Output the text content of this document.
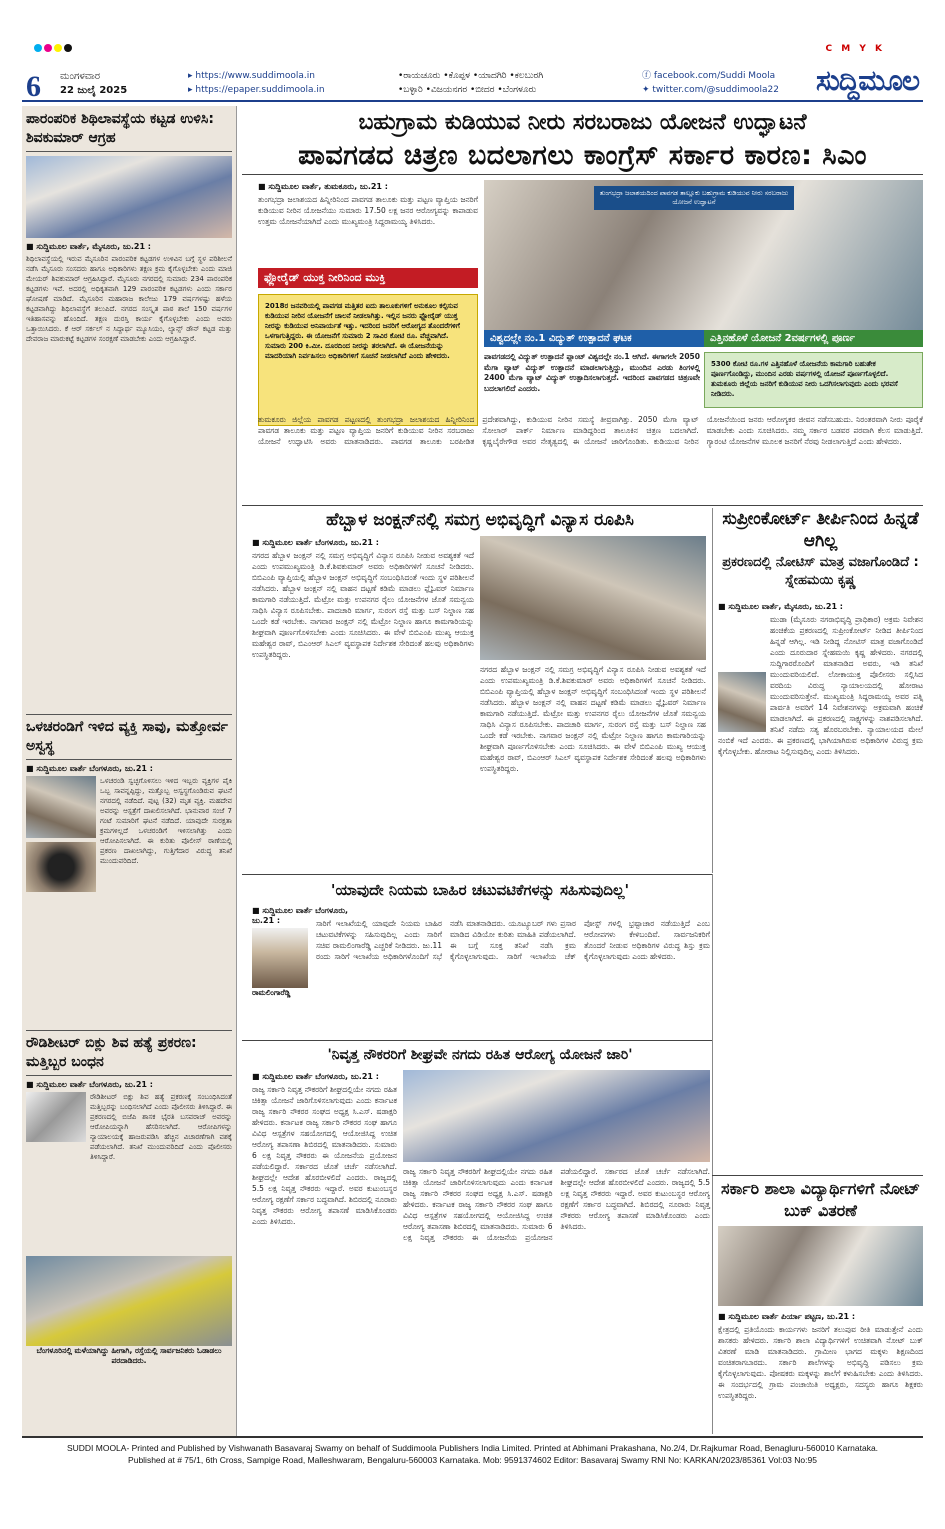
C M Y K
6 ಮಂಗಳವಾರ
22 ಜುಲೈ 2025
▸ https://www.suddimoola.in
▸ https://epaper.suddimoola.in
•ರಾಯಚೂರು •ಕೊಪ್ಪಳ •ಯಾದಗಿರಿ •ಕಲಬುರಗಿ
•ಬಳ್ಳಾರಿ •ವಿಜಯನಗರ •ಬೀದರ •ಬೆಂಗಳೂರು
ⓕ facebook.com/Suddi Moola
✦ twitter.com/@suddimoola22 ಸುದ್ದಿಮೂಲ
ಪಾರಂಪರಿಕ ಶಿಥಿಲಾವಸ್ಥೆಯ ಕಟ್ಟಡ ಉಳಿಸಿ: ಶಿವಕುಮಾರ್ ಆಗ್ರಹ
■ ಸುದ್ದಿಮೂಲ ವಾರ್ತೆ, ಮೈಸೂರು, ಜು.21 :
ಶಿಥಿಲಾವಸ್ಥೆಯಲ್ಲಿ ಇರುವ ಮೈಸೂರಿನ ಪಾರಂಪರಿಕ ಕಟ್ಟಡಗಳ ಉಳಿವಿನ ಬಗ್ಗೆ ಸ್ಥಳ ಪರಿಶೀಲನೆ ನಡೆಸಿ ಮೈಸೂರು ಸಂಸದರು ಹಾಗೂ ಅಧಿಕಾರಿಗಳು ತಕ್ಷಣ ಕ್ರಮ ಕೈಗೊಳ್ಳಬೇಕು ಎಂದು ಮಾಜಿ ಮೇಯರ್ ಶಿವಕುಮಾರ್ ಆಗ್ರಹಿಸಿದ್ದಾರೆ. ಮೈಸೂರು ನಗರದಲ್ಲಿ ಸುಮಾರು 234 ಪಾರಂಪರಿಕ ಕಟ್ಟಡಗಳು ಇವೆ. ಅದರಲ್ಲಿ ಅಧಿಕೃತವಾಗಿ 129 ಪಾರಂಪರಿಕ ಕಟ್ಟಡಗಳು ಎಂದು ಸರ್ಕಾರ ಘೋಷಣೆ ಮಾಡಿದೆ. ಮೈಸೂರಿನ ಮಹಾರಾಜ ಕಾಲೇಜು 179 ವರ್ಷಗಳಷ್ಟು ಹಳೆಯ ಕಟ್ಟಡವಾಗಿದ್ದು ಶಿಥಿಲಾವಸ್ಥೆಗೆ ತಲುಪಿದೆ. ನಗರದ ಸಂಸ್ಕೃತ ಪಾಠ ಶಾಲೆ 150 ವರ್ಷಗಳ ಇತಿಹಾಸವನ್ನು ಹೊಂದಿದೆ. ತಕ್ಷಣ ದುರಸ್ತಿ ಕಾರ್ಯ ಕೈಗೊಳ್ಳಬೇಕು ಎಂದು ಅವರು ಒತ್ತಾಯಿಸಿದರು. ಕೆ ಆರ್ ಸರ್ಕಲ್ ನ ಸಿದ್ದಾರ್ಥ ಮ್ಯೂಸಿಯಂ, ಲ್ಯಾನ್ಸ್ ಡೌನ್ ಕಟ್ಟಡ ಮತ್ತು ದೇವರಾಜ ಮಾರುಕಟ್ಟೆ ಕಟ್ಟಡಗಳ ಸಂರಕ್ಷಣೆ ಮಾಡಬೇಕು ಎಂದು ಆಗ್ರಹಿಸಿದ್ದಾರೆ.
ಒಳಚರಂಡಿಗೆ ಇಳಿದ ವ್ಯಕ್ತಿ ಸಾವು, ಮತ್ತೋರ್ವ ಅಸ್ವಸ್ಥ
■ ಸುದ್ದಿಮೂಲ ವಾರ್ತೆ ಬೆಂಗಳೂರು, ಜು.21 :
ಒಳಚರಂಡಿ ಸ್ವಚ್ಛಗೊಳಿಸಲು ಇಳಿದ ಇಬ್ಬರು ವ್ಯಕ್ತಿಗಳ ಪೈಕಿ ಒಬ್ಬ ಸಾವನ್ನಪ್ಪಿದ್ದು, ಮತ್ತೊಬ್ಬ ಅಸ್ವಸ್ಥಗೊಂಡಿರುವ ಘಟನೆ ನಗರದಲ್ಲಿ ನಡೆದಿದೆ. ಪುಟ್ಟ (32) ಮೃತ ವ್ಯಕ್ತಿ. ಮಹದೇವ ಅವರನ್ನು ಆಸ್ಪತ್ರೆಗೆ ದಾಖಲಿಸಲಾಗಿದೆ. ಭಾನುವಾರ ಸಂಜೆ 7 ಗಂಟೆ ಸುಮಾರಿಗೆ ಘಟನೆ ನಡೆದಿದೆ. ಯಾವುದೇ ಸುರಕ್ಷತಾ ಕ್ರಮಗಳಿಲ್ಲದೆ ಒಳಚರಂಡಿಗೆ ಇಳಿಸಲಾಗಿತ್ತು ಎಂದು ಆರೋಪಿಸಲಾಗಿದೆ. ಈ ಕುರಿತು ಪೊಲೀಸ್ ಠಾಣೆಯಲ್ಲಿ ಪ್ರಕರಣ ದಾಖಲಾಗಿದ್ದು, ಗುತ್ತಿಗೆದಾರ ವಿರುದ್ಧ ತನಿಖೆ ಮುಂದುವರಿದಿದೆ.
ರೌಡಿಶೀಟರ್ ಬಿಕ್ಲು ಶಿವ ಹತ್ಯೆ ಪ್ರಕರಣ: ಮತ್ತಿಬ್ಬರ ಬಂಧನ
■ ಸುದ್ದಿಮೂಲ ವಾರ್ತೆ ಬೆಂಗಳೂರು, ಜು.21 :
ರೌಡಿಶೀಟರ್ ಬಿಕ್ಲು ಶಿವ ಹತ್ಯೆ ಪ್ರಕರಣಕ್ಕೆ ಸಂಬಂಧಿಸಿದಂತೆ ಮತ್ತಿಬ್ಬರನ್ನು ಬಂಧಿಸಲಾಗಿದೆ ಎಂದು ಪೊಲೀಸರು ತಿಳಿಸಿದ್ದಾರೆ. ಈ ಪ್ರಕರಣದಲ್ಲಿ ಬಿಜೆಪಿ ಶಾಸಕ ಭೈರತಿ ಬಸವರಾಜ್ ಅವರನ್ನು ಆರೋಪಿಯನ್ನಾಗಿ ಹೆಸರಿಸಲಾಗಿದೆ. ಆರೋಪಿಗಳನ್ನು ನ್ಯಾಯಾಲಯಕ್ಕೆ ಹಾಜರುಪಡಿಸಿ ಹೆಚ್ಚಿನ ವಿಚಾರಣೆಗಾಗಿ ವಶಕ್ಕೆ ಪಡೆಯಲಾಗಿದೆ. ತನಿಖೆ ಮುಂದುವರಿದಿದೆ ಎಂದು ಪೊಲೀಸರು ತಿಳಿಸಿದ್ದಾರೆ.
ಬೆಂಗಳೂರಿನಲ್ಲಿ ಮಳೆಯಾಗಿದ್ದು ಹೀಗಾಗಿ, ರಸ್ತೆಯಲ್ಲಿ ಸಾರ್ವಜನಿಕರು ಓಡಾಡಲು ಪರದಾಡಿದರು.
ಬಹುಗ್ರಾಮ ಕುಡಿಯುವ ನೀರು ಸರಬರಾಜು ಯೋಜನೆ ಉದ್ಘಾಟನೆ
ಪಾವಗಡದ ಚಿತ್ರಣ ಬದಲಾಗಲು ಕಾಂಗ್ರೆಸ್ ಸರ್ಕಾರ ಕಾರಣ: ಸಿಎಂ
■ ಸುದ್ದಿಮೂಲ ವಾರ್ತೆ, ತುಮಕೂರು, ಜು.21 :
ತುಂಗಭದ್ರಾ ಜಲಾಶಯದ ಹಿನ್ನೀರಿನಿಂದ ಪಾವಗಡ ತಾಲೂಕು ಮತ್ತು ಪಟ್ಟಣ ವ್ಯಾಪ್ತಿಯ ಜನರಿಗೆ ಕುಡಿಯುವ ನೀರಿನ ಯೋಜನೆಯು ಸುಮಾರು 17.50 ಲಕ್ಷ ಜನರ ಆರೋಗ್ಯವನ್ನು ಕಾಪಾಡುವ ಉತ್ತಮ ಯೋಜನೆಯಾಗಿದೆ ಎಂದು ಮುಖ್ಯಮಂತ್ರಿ ಸಿದ್ದರಾಮಯ್ಯ ತಿಳಿಸಿದರು.
ಫ್ಲೋರೈಡ್ ಯುಕ್ತ ನೀರಿನಿಂದ ಮುಕ್ತಿ
2018ರ ಜನವರಿಯಲ್ಲಿ ಪಾವಗಡ ಮತ್ತಿತರ ಐದು ತಾಲೂಕುಗಳಿಗೆ ಅನುಕೂಲ ಕಲ್ಪಿಸುವ ಕುಡಿಯುವ ನೀರಿನ ಯೋಜನೆಗೆ ಚಾಲನೆ ನೀಡಲಾಗಿತ್ತು. ಇಲ್ಲಿನ ಜನರು ಫ್ಲೋರೈಡ್ ಯುಕ್ತ ನೀರನ್ನು ಕುಡಿಯುವ ಅನಿವಾರ್ಯತೆ ಇತ್ತು. ಇದರಿಂದ ಜನರಿಗೆ ಆರೋಗ್ಯದ ತೊಂದರೆಗಳಿಗೆ ಒಳಗಾಗುತ್ತಿದ್ದರು. ಈ ಯೋಜನೆಗೆ ಸುಮಾರು 2 ಸಾವಿರ ಕೋಟಿ ರೂ. ವೆಚ್ಚವಾಗಿದೆ. ಸುಮಾರು 200 ಕಿ.ಮೀ. ದೂರದಿಂದ ನೀರನ್ನು ತರಲಾಗಿದೆ. ಈ ಯೋಜನೆಯನ್ನು ಮಾದರಿಯಾಗಿ ನಿರ್ವಹಿಸಲು ಅಧಿಕಾರಿಗಳಿಗೆ ಸೂಚನೆ ನೀಡಲಾಗಿದೆ ಎಂದು ಹೇಳಿದರು.
ತುಂಗಭದ್ರಾ ಜಲಾಶಯದಿಂದ ಪಾವಗಡ ತಾಲ್ಲೂಕು ಬಹುಗ್ರಾಮ ಕುಡಿಯುವ ನೀರು ಸರಬರಾಜು ಯೋಜನೆ ಉದ್ಘಾಟನೆ
ವಿಶ್ವದಲ್ಲೇ ನಂ.1 ವಿದ್ಯುತ್ ಉತ್ಪಾದನೆ ಘಟಕ	ಎತ್ತಿನಹೊಳೆ ಯೋಜನೆ 2ವರ್ಷಗಳಲ್ಲಿ ಪೂರ್ಣ
ಪಾವಗಡದಲ್ಲಿ ವಿದ್ಯುತ್ ಉತ್ಪಾದನೆ ಪ್ಲಾಂಟ್ ವಿಶ್ವದಲ್ಲೇ ನಂ.1 ಆಗಿದೆ. ಈಗಾಗಲೇ 2050 ಮೆಗಾ ವ್ಯಾಟ್ ವಿದ್ಯುತ್ ಉತ್ಪಾದನೆ ಮಾಡಲಾಗುತ್ತಿದ್ದು, ಮುಂದಿನ ಎರಡು ತಿಂಗಳಲ್ಲಿ 2400 ಮೆಗಾ ವ್ಯಾಟ್ ವಿದ್ಯುತ್ ಉತ್ಪಾದಿಸಲಾಗುತ್ತದೆ. ಇದರಿಂದ ಪಾವಗಡದ ಚಿತ್ರಣವೇ ಬದಲಾಗಲಿದೆ ಎಂದರು.
5300 ಕೋಟಿ ರೂ.ಗಳ ಎತ್ತಿನಹೊಳೆ ಯೋಜನೆಯ ಕಾಮಗಾರಿ ಬಹುತೇಕ ಪೂರ್ಣಗೊಂಡಿದ್ದು, ಮುಂದಿನ ಎರಡು ವರ್ಷಗಳಲ್ಲಿ ಯೋಜನೆ ಪೂರ್ಣಗೊಳ್ಳಲಿದೆ. ತುಮಕೂರು ಜಿಲ್ಲೆಯ ಜನರಿಗೆ ಕುಡಿಯುವ ನೀರು ಒದಗಿಸಲಾಗುವುದು ಎಂದು ಭರವಸೆ ನೀಡಿದರು.
ತುಮಕೂರು ಜಿಲ್ಲೆಯ ಪಾವಗಡ ಪಟ್ಟಣದಲ್ಲಿ ತುಂಗಭದ್ರಾ ಜಲಾಶಯದ ಹಿನ್ನೀರಿನಿಂದ ಪಾವಗಡ ತಾಲೂಕು ಮತ್ತು ಪಟ್ಟಣ ವ್ಯಾಪ್ತಿಯ ಜನರಿಗೆ ಕುಡಿಯುವ ನೀರಿನ ಸರಬರಾಜು ಯೋಜನೆ ಉದ್ಘಾಟಿಸಿ ಅವರು ಮಾತನಾಡಿದರು. ಪಾವಗಡ ತಾಲೂಕು ಬರಪೀಡಿತ ಪ್ರದೇಶವಾಗಿದ್ದು, ಕುಡಿಯುವ ನೀರಿನ ಸಮಸ್ಯೆ ತೀವ್ರವಾಗಿತ್ತು. 2050 ಮೆಗಾ ವ್ಯಾಟ್ ಸೋಲಾರ್ ಪಾರ್ಕ್ ನಿರ್ಮಾಣ ಮಾಡಿದ್ದರಿಂದ ತಾಲೂಕಿನ ಚಿತ್ರಣ ಬದಲಾಗಿದೆ. ಕೃಷ್ಣಬೈರೇಗೌಡ ಅವರ ನೇತೃತ್ವದಲ್ಲಿ ಈ ಯೋಜನೆ ಜಾರಿಗೊಂಡಿತು. ಕುಡಿಯುವ ನೀರಿನ ಯೋಜನೆಯಿಂದ ಜನರು ಆರೋಗ್ಯಕರ ಜೀವನ ನಡೆಸಬಹುದು. ನಿರಂತರವಾಗಿ ನೀರು ಪೂರೈಕೆ ಮಾಡಬೇಕು ಎಂದು ಸೂಚಿಸಿದರು. ನಮ್ಮ ಸರ್ಕಾರ ಬಡವರ ಪರವಾಗಿ ಕೆಲಸ ಮಾಡುತ್ತಿದೆ. ಗ್ಯಾರಂಟಿ ಯೋಜನೆಗಳ ಮೂಲಕ ಜನರಿಗೆ ನೆರವು ನೀಡಲಾಗುತ್ತಿದೆ ಎಂದು ಹೇಳಿದರು.
ಹೆಬ್ಬಾಳ ಜಂಕ್ಷನ್‌ನಲ್ಲಿ ಸಮಗ್ರ ಅಭಿವೃದ್ಧಿಗೆ ವಿನ್ಯಾಸ ರೂಪಿಸಿ
■ ಸುದ್ದಿಮೂಲ ವಾರ್ತೆ ಬೆಂಗಳೂರು, ಜು.21 :
ನಗರದ ಹೆಬ್ಬಾಳ ಜಂಕ್ಷನ್ ನಲ್ಲಿ ಸಮಗ್ರ ಅಭಿವೃದ್ಧಿಗೆ ವಿನ್ಯಾಸ ರೂಪಿಸಿ ನೀಡುವ ಅವಶ್ಯಕತೆ ಇದೆ ಎಂದು ಉಪಮುಖ್ಯಮಂತ್ರಿ ಡಿ.ಕೆ.ಶಿವಕುಮಾರ್ ಅವರು ಅಧಿಕಾರಿಗಳಿಗೆ ಸೂಚನೆ ನೀಡಿದರು. ಬಿಬಿಎಂಪಿ ವ್ಯಾಪ್ತಿಯಲ್ಲಿ ಹೆಬ್ಬಾಳ ಜಂಕ್ಷನ್ ಅಭಿವೃದ್ಧಿಗೆ ಸಂಬಂಧಿಸಿದಂತೆ ಇಂದು ಸ್ಥಳ ಪರಿಶೀಲನೆ ನಡೆಸಿದರು. ಹೆಬ್ಬಾಳ ಜಂಕ್ಷನ್ ನಲ್ಲಿ ವಾಹನ ದಟ್ಟಣೆ ಕಡಿಮೆ ಮಾಡಲು ಫ್ಲೈಓವರ್ ನಿರ್ಮಾಣ ಕಾಮಗಾರಿ ನಡೆಯುತ್ತಿದೆ. ಮೆಟ್ರೋ ಮತ್ತು ಉಪನಗರ ರೈಲು ಯೋಜನೆಗಳ ಜೊತೆ ಸಮನ್ವಯ ಸಾಧಿಸಿ ವಿನ್ಯಾಸ ರೂಪಿಸಬೇಕು. ಪಾದಚಾರಿ ಮಾರ್ಗ, ಸುರಂಗ ರಸ್ತೆ ಮತ್ತು ಬಸ್ ನಿಲ್ದಾಣ ಸಹ ಒಂದೇ ಕಡೆ ಇರಬೇಕು. ನಾಗವಾರ ಜಂಕ್ಷನ್ ನಲ್ಲಿ ಮೆಟ್ರೋ ನಿಲ್ದಾಣ ಹಾಗೂ ಕಾಮಗಾರಿಯನ್ನು ಶೀಘ್ರವಾಗಿ ಪೂರ್ಣಗೊಳಿಸಬೇಕು ಎಂದು ಸೂಚಿಸಿದರು. ಈ ವೇಳೆ ಬಿಬಿಎಂಪಿ ಮುಖ್ಯ ಆಯುಕ್ತ ಮಹೇಶ್ವರ ರಾವ್, ಬಿಎಂಆರ್ ಸಿಎಲ್ ವ್ಯವಸ್ಥಾಪಕ ನಿರ್ದೇಶಕ ಸೇರಿದಂತೆ ಹಲವು ಅಧಿಕಾರಿಗಳು ಉಪಸ್ಥಿತರಿದ್ದರು.
ನಗರದ ಹೆಬ್ಬಾಳ ಜಂಕ್ಷನ್ ನಲ್ಲಿ ಸಮಗ್ರ ಅಭಿವೃದ್ಧಿಗೆ ವಿನ್ಯಾಸ ರೂಪಿಸಿ ನೀಡುವ ಅವಶ್ಯಕತೆ ಇದೆ ಎಂದು ಉಪಮುಖ್ಯಮಂತ್ರಿ ಡಿ.ಕೆ.ಶಿವಕುಮಾರ್ ಅವರು ಅಧಿಕಾರಿಗಳಿಗೆ ಸೂಚನೆ ನೀಡಿದರು. ಬಿಬಿಎಂಪಿ ವ್ಯಾಪ್ತಿಯಲ್ಲಿ ಹೆಬ್ಬಾಳ ಜಂಕ್ಷನ್ ಅಭಿವೃದ್ಧಿಗೆ ಸಂಬಂಧಿಸಿದಂತೆ ಇಂದು ಸ್ಥಳ ಪರಿಶೀಲನೆ ನಡೆಸಿದರು. ಹೆಬ್ಬಾಳ ಜಂಕ್ಷನ್ ನಲ್ಲಿ ವಾಹನ ದಟ್ಟಣೆ ಕಡಿಮೆ ಮಾಡಲು ಫ್ಲೈಓವರ್ ನಿರ್ಮಾಣ ಕಾಮಗಾರಿ ನಡೆಯುತ್ತಿದೆ. ಮೆಟ್ರೋ ಮತ್ತು ಉಪನಗರ ರೈಲು ಯೋಜನೆಗಳ ಜೊತೆ ಸಮನ್ವಯ ಸಾಧಿಸಿ ವಿನ್ಯಾಸ ರೂಪಿಸಬೇಕು. ಪಾದಚಾರಿ ಮಾರ್ಗ, ಸುರಂಗ ರಸ್ತೆ ಮತ್ತು ಬಸ್ ನಿಲ್ದಾಣ ಸಹ ಒಂದೇ ಕಡೆ ಇರಬೇಕು. ನಾಗವಾರ ಜಂಕ್ಷನ್ ನಲ್ಲಿ ಮೆಟ್ರೋ ನಿಲ್ದಾಣ ಹಾಗೂ ಕಾಮಗಾರಿಯನ್ನು ಶೀಘ್ರವಾಗಿ ಪೂರ್ಣಗೊಳಿಸಬೇಕು ಎಂದು ಸೂಚಿಸಿದರು. ಈ ವೇಳೆ ಬಿಬಿಎಂಪಿ ಮುಖ್ಯ ಆಯುಕ್ತ ಮಹೇಶ್ವರ ರಾವ್, ಬಿಎಂಆರ್ ಸಿಎಲ್ ವ್ಯವಸ್ಥಾಪಕ ನಿರ್ದೇಶಕ ಸೇರಿದಂತೆ ಹಲವು ಅಧಿಕಾರಿಗಳು ಉಪಸ್ಥಿತರಿದ್ದರು.
ಸುಪ್ರೀಂಕೋರ್ಟ್ ತೀರ್ಪಿನಿಂದ ಹಿನ್ನಡೆ ಆಗಿಲ್ಲ
ಪ್ರಕರಣದಲ್ಲಿ ನೋಟಿಸ್ ಮಾತ್ರ ವಜಾಗೊಂಡಿದೆ : ಸ್ನೇಹಮಯಿ ಕೃಷ್ಣ
■ ಸುದ್ದಿಮೂಲ ವಾರ್ತೆ, ಮೈಸೂರು, ಜು.21 :
ಮುಡಾ (ಮೈಸೂರು ನಗರಾಭಿವೃದ್ಧಿ ಪ್ರಾಧಿಕಾರ) ಅಕ್ರಮ ನಿವೇಶನ ಹಂಚಿಕೆಯ ಪ್ರಕರಣದಲ್ಲಿ ಸುಪ್ರೀಂಕೋರ್ಟ್ ನೀಡಿದ ತೀರ್ಪಿನಿಂದ ಹಿನ್ನಡೆ ಆಗಿಲ್ಲ. ಇಡಿ ನೀಡಿದ್ದ ನೋಟಿಸ್ ಮಾತ್ರ ವಜಾಗೊಂಡಿದೆ ಎಂದು ದೂರುದಾರ ಸ್ನೇಹಮಯಿ ಕೃಷ್ಣ ಹೇಳಿದರು. ನಗರದಲ್ಲಿ ಸುದ್ದಿಗಾರರೊಂದಿಗೆ ಮಾತನಾಡಿದ ಅವರು, ಇಡಿ ತನಿಖೆ ಮುಂದುವರಿಯಲಿದೆ. ಲೋಕಾಯುಕ್ತ ಪೊಲೀಸರು ಸಲ್ಲಿಸಿದ ವರದಿಯ ವಿರುದ್ಧ ನ್ಯಾಯಾಲಯದಲ್ಲಿ ಹೋರಾಟ ಮುಂದುವರಿಸುತ್ತೇನೆ. ಮುಖ್ಯಮಂತ್ರಿ ಸಿದ್ದರಾಮಯ್ಯ ಅವರ ಪತ್ನಿ ಪಾರ್ವತಿ ಅವರಿಗೆ 14 ನಿವೇಶನಗಳನ್ನು ಅಕ್ರಮವಾಗಿ ಹಂಚಿಕೆ ಮಾಡಲಾಗಿದೆ. ಈ ಪ್ರಕರಣದಲ್ಲಿ ಸಾಕ್ಷ್ಯಗಳನ್ನು ನಾಶಪಡಿಸಲಾಗಿದೆ. ತನಿಖೆ ನಡೆದು ಸತ್ಯ ಹೊರಬರಬೇಕು. ನ್ಯಾಯಾಲಯದ ಮೇಲೆ ನಂಬಿಕೆ ಇದೆ ಎಂದರು. ಈ ಪ್ರಕರಣದಲ್ಲಿ ಭಾಗಿಯಾಗಿರುವ ಅಧಿಕಾರಿಗಳ ವಿರುದ್ಧ ಕ್ರಮ ಕೈಗೊಳ್ಳಬೇಕು. ಹೋರಾಟ ನಿಲ್ಲಿಸುವುದಿಲ್ಲ ಎಂದು ತಿಳಿಸಿದರು.
'ಯಾವುದೇ ನಿಯಮ ಬಾಹಿರ ಚಟುವಟಿಕೆಗಳನ್ನು ಸಹಿಸುವುದಿಲ್ಲ'
■ ಸುದ್ದಿಮೂಲ ವಾರ್ತೆ ಬೆಂಗಳೂರು, ಜು.21 :
ರಾಮಲಿಂಗಾರೆಡ್ಡಿ
ಸಾರಿಗೆ ಇಲಾಖೆಯಲ್ಲಿ ಯಾವುದೇ ನಿಯಮ ಬಾಹಿರ ಚಟುವಟಿಕೆಗಳನ್ನು ಸಹಿಸುವುದಿಲ್ಲ ಎಂದು ಸಾರಿಗೆ ಸಚಿವ ರಾಮಲಿಂಗಾರೆಡ್ಡಿ ಎಚ್ಚರಿಕೆ ನೀಡಿದರು. ಜು.11 ರಂದು ಸಾರಿಗೆ ಇಲಾಖೆಯ ಅಧಿಕಾರಿಗಳೊಂದಿಗೆ ಸಭೆ ನಡೆಸಿ ಮಾತನಾಡಿದರು. ಯೂಟ್ಯೂಬರ್ ಗಳು ಪ್ರಸಾರ ಮಾಡಿದ ವಿಡಿಯೋ ಕುರಿತು ಮಾಹಿತಿ ಪಡೆಯಲಾಗಿದೆ. ಈ ಬಗ್ಗೆ ಸೂಕ್ತ ತನಿಖೆ ನಡೆಸಿ ಕ್ರಮ ಕೈಗೊಳ್ಳಲಾಗುವುದು. ಸಾರಿಗೆ ಇಲಾಖೆಯ ಚೆಕ್ ಪೋಸ್ಟ್ ಗಳಲ್ಲಿ ಭ್ರಷ್ಟಾಚಾರ ನಡೆಯುತ್ತಿದೆ ಎಂಬ ಆರೋಪಗಳು ಕೇಳಿಬಂದಿವೆ. ಸಾರ್ವಜನಿಕರಿಗೆ ತೊಂದರೆ ನೀಡುವ ಅಧಿಕಾರಿಗಳ ವಿರುದ್ಧ ಶಿಸ್ತು ಕ್ರಮ ಕೈಗೊಳ್ಳಲಾಗುವುದು ಎಂದು ಹೇಳಿದರು.
'ನಿವೃತ್ತ ನೌಕರರಿಗೆ ಶೀಘ್ರವೇ ನಗದು ರಹಿತ ಆರೋಗ್ಯ ಯೋಜನೆ ಜಾರಿ'
■ ಸುದ್ದಿಮೂಲ ವಾರ್ತೆ ಬೆಂಗಳೂರು, ಜು.21 :
ರಾಜ್ಯ ಸರ್ಕಾರಿ ನಿವೃತ್ತ ನೌಕರರಿಗೆ ಶೀಘ್ರದಲ್ಲಿಯೇ ನಗದು ರಹಿತ ಚಿಕಿತ್ಸಾ ಯೋಜನೆ ಜಾರಿಗೊಳಿಸಲಾಗುವುದು ಎಂದು ಕರ್ನಾಟಕ ರಾಜ್ಯ ಸರ್ಕಾರಿ ನೌಕರರ ಸಂಘದ ಅಧ್ಯಕ್ಷ ಸಿ.ಎಸ್. ಷಡಾಕ್ಷರಿ ಹೇಳಿದರು. ಕರ್ನಾಟಕ ರಾಜ್ಯ ಸರ್ಕಾರಿ ನೌಕರರ ಸಂಘ ಹಾಗೂ ವಿವಿಧ ಆಸ್ಪತ್ರೆಗಳ ಸಹಯೋಗದಲ್ಲಿ ಆಯೋಜಿಸಿದ್ದ ಉಚಿತ ಆರೋಗ್ಯ ತಪಾಸಣಾ ಶಿಬಿರದಲ್ಲಿ ಮಾತನಾಡಿದರು. ಸುಮಾರು 6 ಲಕ್ಷ ನಿವೃತ್ತ ನೌಕರರು ಈ ಯೋಜನೆಯ ಪ್ರಯೋಜನ ಪಡೆಯಲಿದ್ದಾರೆ. ಸರ್ಕಾರದ ಜೊತೆ ಚರ್ಚೆ ನಡೆಸಲಾಗಿದೆ. ಶೀಘ್ರದಲ್ಲೇ ಆದೇಶ ಹೊರಬೀಳಲಿದೆ ಎಂದರು. ರಾಜ್ಯದಲ್ಲಿ 5.5 ಲಕ್ಷ ನಿವೃತ್ತ ನೌಕರರು ಇದ್ದಾರೆ. ಅವರ ಕುಟುಂಬಸ್ಥರ ಆರೋಗ್ಯ ರಕ್ಷಣೆಗೆ ಸರ್ಕಾರ ಬದ್ಧವಾಗಿದೆ. ಶಿಬಿರದಲ್ಲಿ ನೂರಾರು ನಿವೃತ್ತ ನೌಕರರು ಆರೋಗ್ಯ ತಪಾಸಣೆ ಮಾಡಿಸಿಕೊಂಡರು ಎಂದು ತಿಳಿಸಿದರು.
ರಾಜ್ಯ ಸರ್ಕಾರಿ ನಿವೃತ್ತ ನೌಕರರಿಗೆ ಶೀಘ್ರದಲ್ಲಿಯೇ ನಗದು ರಹಿತ ಚಿಕಿತ್ಸಾ ಯೋಜನೆ ಜಾರಿಗೊಳಿಸಲಾಗುವುದು ಎಂದು ಕರ್ನಾಟಕ ರಾಜ್ಯ ಸರ್ಕಾರಿ ನೌಕರರ ಸಂಘದ ಅಧ್ಯಕ್ಷ ಸಿ.ಎಸ್. ಷಡಾಕ್ಷರಿ ಹೇಳಿದರು. ಕರ್ನಾಟಕ ರಾಜ್ಯ ಸರ್ಕಾರಿ ನೌಕರರ ಸಂಘ ಹಾಗೂ ವಿವಿಧ ಆಸ್ಪತ್ರೆಗಳ ಸಹಯೋಗದಲ್ಲಿ ಆಯೋಜಿಸಿದ್ದ ಉಚಿತ ಆರೋಗ್ಯ ತಪಾಸಣಾ ಶಿಬಿರದಲ್ಲಿ ಮಾತನಾಡಿದರು. ಸುಮಾರು 6 ಲಕ್ಷ ನಿವೃತ್ತ ನೌಕರರು ಈ ಯೋಜನೆಯ ಪ್ರಯೋಜನ ಪಡೆಯಲಿದ್ದಾರೆ. ಸರ್ಕಾರದ ಜೊತೆ ಚರ್ಚೆ ನಡೆಸಲಾಗಿದೆ. ಶೀಘ್ರದಲ್ಲೇ ಆದೇಶ ಹೊರಬೀಳಲಿದೆ ಎಂದರು. ರಾಜ್ಯದಲ್ಲಿ 5.5 ಲಕ್ಷ ನಿವೃತ್ತ ನೌಕರರು ಇದ್ದಾರೆ. ಅವರ ಕುಟುಂಬಸ್ಥರ ಆರೋಗ್ಯ ರಕ್ಷಣೆಗೆ ಸರ್ಕಾರ ಬದ್ಧವಾಗಿದೆ. ಶಿಬಿರದಲ್ಲಿ ನೂರಾರು ನಿವೃತ್ತ ನೌಕರರು ಆರೋಗ್ಯ ತಪಾಸಣೆ ಮಾಡಿಸಿಕೊಂಡರು ಎಂದು ತಿಳಿಸಿದರು.
ಸರ್ಕಾರಿ ಶಾಲಾ ವಿದ್ಯಾರ್ಥಿಗಳಿಗೆ ನೋಟ್ ಬುಕ್ ವಿತರಣೆ
■ ಸುದ್ದಿಮೂಲ ವಾರ್ತೆ ಪಿರ್ಯಾ ಪಟ್ಟಣ, ಜು.21 :
ಕ್ಷೇತ್ರದಲ್ಲಿ ಪ್ರತಿಯೊಂದು ಕಾರ್ಯಗಳು ಜನರಿಗೆ ತಲುಪುವ ರೀತಿ ಮಾಡುತ್ತೇನೆ ಎಂದು ಶಾಸಕರು ಹೇಳಿದರು. ಸರ್ಕಾರಿ ಶಾಲಾ ವಿದ್ಯಾರ್ಥಿಗಳಿಗೆ ಉಚಿತವಾಗಿ ನೋಟ್ ಬುಕ್ ವಿತರಣೆ ಮಾಡಿ ಮಾತನಾಡಿದರು. ಗ್ರಾಮೀಣ ಭಾಗದ ಮಕ್ಕಳು ಶಿಕ್ಷಣದಿಂದ ವಂಚಿತರಾಗಬಾರದು. ಸರ್ಕಾರಿ ಶಾಲೆಗಳನ್ನು ಅಭಿವೃದ್ಧಿ ಪಡಿಸಲು ಕ್ರಮ ಕೈಗೊಳ್ಳಲಾಗುವುದು. ಪೋಷಕರು ಮಕ್ಕಳನ್ನು ಶಾಲೆಗೆ ಕಳುಹಿಸಬೇಕು ಎಂದು ತಿಳಿಸಿದರು. ಈ ಸಂದರ್ಭದಲ್ಲಿ ಗ್ರಾಮ ಪಂಚಾಯಿತಿ ಅಧ್ಯಕ್ಷರು, ಸದಸ್ಯರು ಹಾಗೂ ಶಿಕ್ಷಕರು ಉಪಸ್ಥಿತರಿದ್ದರು.
SUDDI MOOLA- Printed and Published by Vishwanath Basavaraj Swamy on behalf of Suddimoola Publishers India Limited. Printed at Abhimani Prakashana, No.2/4, Dr.Rajkumar Road, Benagluru-560010 Karnataka.
Published at # 75/1, 6th Cross, Sampige Road, Malleshwaram, Bengaluru-560003 Karnataka. Mob: 9591374602 Editor: Basavaraj Swamy RNI No: KARKAN/2023/85361 Vol:03 No:95
